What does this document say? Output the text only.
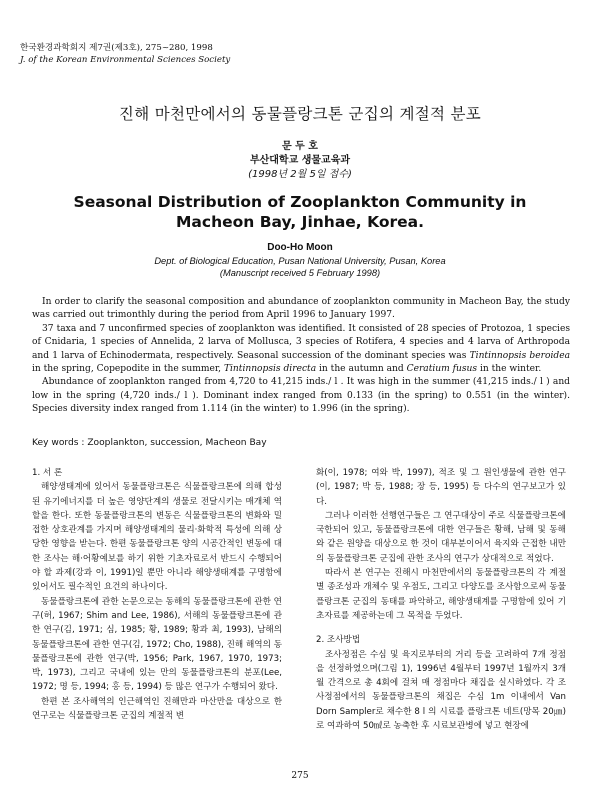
한국환경과학회지 제7권(제3호), 275~280, 1998
J. of the Korean Environmental Sciences Society
진해 마천만에서의 동물플랑크톤 군집의 계절적 분포
문 두 호
부산대학교 생물교육과
(1998년 2월 5일 접수)
Seasonal Distribution of Zooplankton Community in
Macheon Bay, Jinhae, Korea.
Doo-Ho Moon
Dept. of Biological Education, Pusan National University, Pusan, Korea
(Manuscript received 5 February 1998)

In order to clarify the seasonal composition and abundance of zooplankton community in Macheon Bay, the study was carried out trimonthly during the period from April 1996 to January 1997.

37 taxa and 7 unconfirmed species of zooplankton was identified. It consisted of 28 species of Protozoa, 1 species of Cnidaria, 1 species of Annelida, 2 larva of Mollusca, 3 species of Rotifera, 4 species and 4 larva of Arthropoda and 1 larva of Echinodermata, respectively. Seasonal succession of the dominant species was Tintinnopsis beroidea in the spring, Copepodite in the summer, Tintinnopsis directa in the autumn and Ceratium fusus in the winter.

Abundance of zooplankton ranged from 4,720 to 41,215 inds./ l . It was high in the summer (41,215 inds./ l ) and low in the spring (4,720 inds./ l ). Dominant index ranged from 0.133 (in the spring) to 0.551 (in the winter). Species diversity index ranged from 1.114 (in the winter) to 1.996 (in the spring).

Key words : Zooplankton, succession, Macheon Bay
1. 서 론

해양생태계에 있어서 동물플랑크톤은 식물플랑크톤에 의해 합성된 유기에너지를 더 높은 영양단계의 생물로 전달시키는 매개체 역할을 한다. 또한 동물플랑크톤의 변동은 식물플랑크톤의 변화와 밀접한 상호관계를 가지며 해양생태계의 물리·화학적 특성에 의해 상당한 영향을 받는다. 한편 동물플랑크톤 양의 시공간적인 변동에 대한 조사는 해·어황예보를 하기 위한 기초자료로서 반드시 수행되어야 할 과제(강과 이, 1991)일 뿐만 아니라 해양생태계를 구명함에 있어서도 필수적인 요건의 하나이다.

동물플랑크톤에 관한 논문으로는 동해의 동물플랑크톤에 관한 연구(허, 1967; Shim and Lee, 1986), 서해의 동물플랑크톤에 관한 연구(김, 1971; 심, 1985; 황, 1989; 황과 최, 1993), 남해의 동물플랑크톤에 관한 연구(김, 1972; Cho, 1988), 진해 해역의 동물플랑크톤에 관한 연구(박, 1956; Park, 1967, 1970, 1973; 박, 1973), 그리고 국내에 있는 만의 동물플랑크톤의 분포(Lee, 1972; 명 등, 1994; 홍 등, 1994) 등 많은 연구가 수행되어 왔다.

한편 본 조사해역의 인근해역인 진해만과 마산만을 대상으로 한 연구로는 식물플랑크톤 군집의 계절적 변

화(이, 1978; 여와 박, 1997), 적조 및 그 원인생물에 관한 연구(이, 1987; 박 등, 1988; 장 등, 1995) 등 다수의 연구보고가 있다.

그러나 이러한 선행연구들은 그 연구대상이 주로 식물플랑크톤에 국한되어 있고, 동물플랑크톤에 대한 연구들은 황해, 남해 및 동해와 같은 원양을 대상으로 한 것이 대부분이어서 육지와 근접한 내만의 동물플랑크톤 군집에 관한 조사의 연구가 상대적으로 적었다.

따라서 본 연구는 진해시 마천만에서의 동물플랑크톤의 각 계절별 종조성과 개체수 및 우점도, 그리고 다양도를 조사함으로써 동물플랑크톤 군집의 동태를 파악하고, 해양생태계를 구명함에 있어 기초자료를 제공하는데 그 목적을 두었다.

2. 조사방법

조사정점은 수심 및 육지로부터의 거리 등을 고려하여 7개 정점을 선정하였으며(그림 1), 1996년 4월부터 1997년 1월까지 3개월 간격으로 총 4회에 걸쳐 매 정점마다 채집을 실시하였다. 각 조사정점에서의 동물플랑크톤의 채집은 수심 1m 이내에서 Van Dorn Sampler로 채수한 8 l 의 시료를 플랑크톤 네트(망목 20㎛)로 여과하여 50㎖로 농축한 후 시료보관병에 넣고 현장에

275
